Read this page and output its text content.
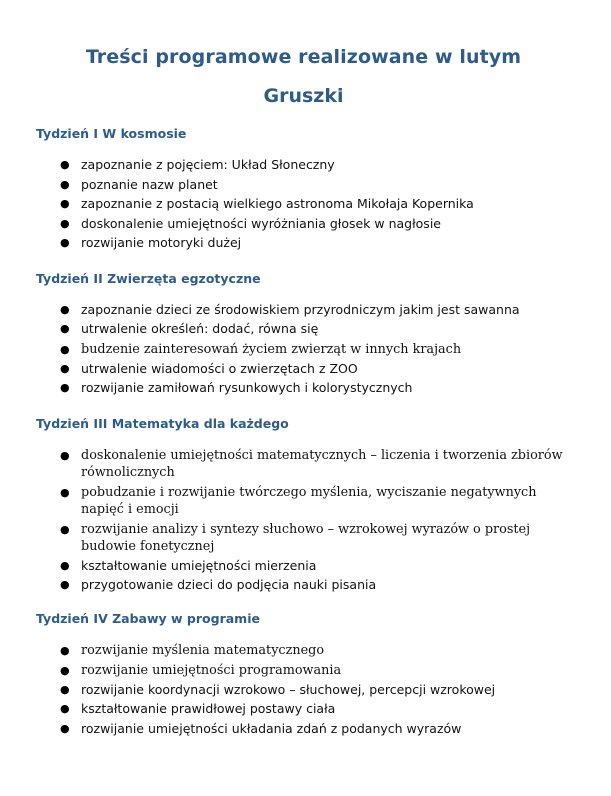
Treści programowe realizowane w lutym
Gruszki
Tydzień I W kosmosie
● zapoznanie z pojęciem: Układ Słoneczny
● poznanie nazw planet
● zapoznanie z postacią wielkiego astronoma Mikołaja Kopernika
● doskonalenie umiejętności wyróżniania głosek w nagłosie
● rozwijanie motoryki dużej
Tydzień II Zwierzęta egzotyczne
● zapoznanie dzieci ze środowiskiem przyrodniczym jakim jest sawanna
● utrwalenie określeń: dodać, równa się
● budzenie zainteresowań życiem zwierząt w innych krajach
● utrwalenie wiadomości o zwierzętach z ZOO
● rozwijanie zamiłowań rysunkowych i kolorystycznych
Tydzień III Matematyka dla każdego
● doskonalenie umiejętności matematycznych – liczenia i tworzenia zbiorów równolicznych
● pobudzanie i rozwijanie twórczego myślenia, wyciszanie negatywnych napięć i emocji
● rozwijanie analizy i syntezy słuchowo – wzrokowej wyrazów o prostej budowie fonetycznej
● kształtowanie umiejętności mierzenia
● przygotowanie dzieci do podjęcia nauki pisania
Tydzień IV Zabawy w programie
● rozwijanie myślenia matematycznego
● rozwijanie umiejętności programowania
● rozwijanie koordynacji wzrokowo – słuchowej, percepcji wzrokowej
● kształtowanie prawidłowej postawy ciała
● rozwijanie umiejętności układania zdań z podanych wyrazów
